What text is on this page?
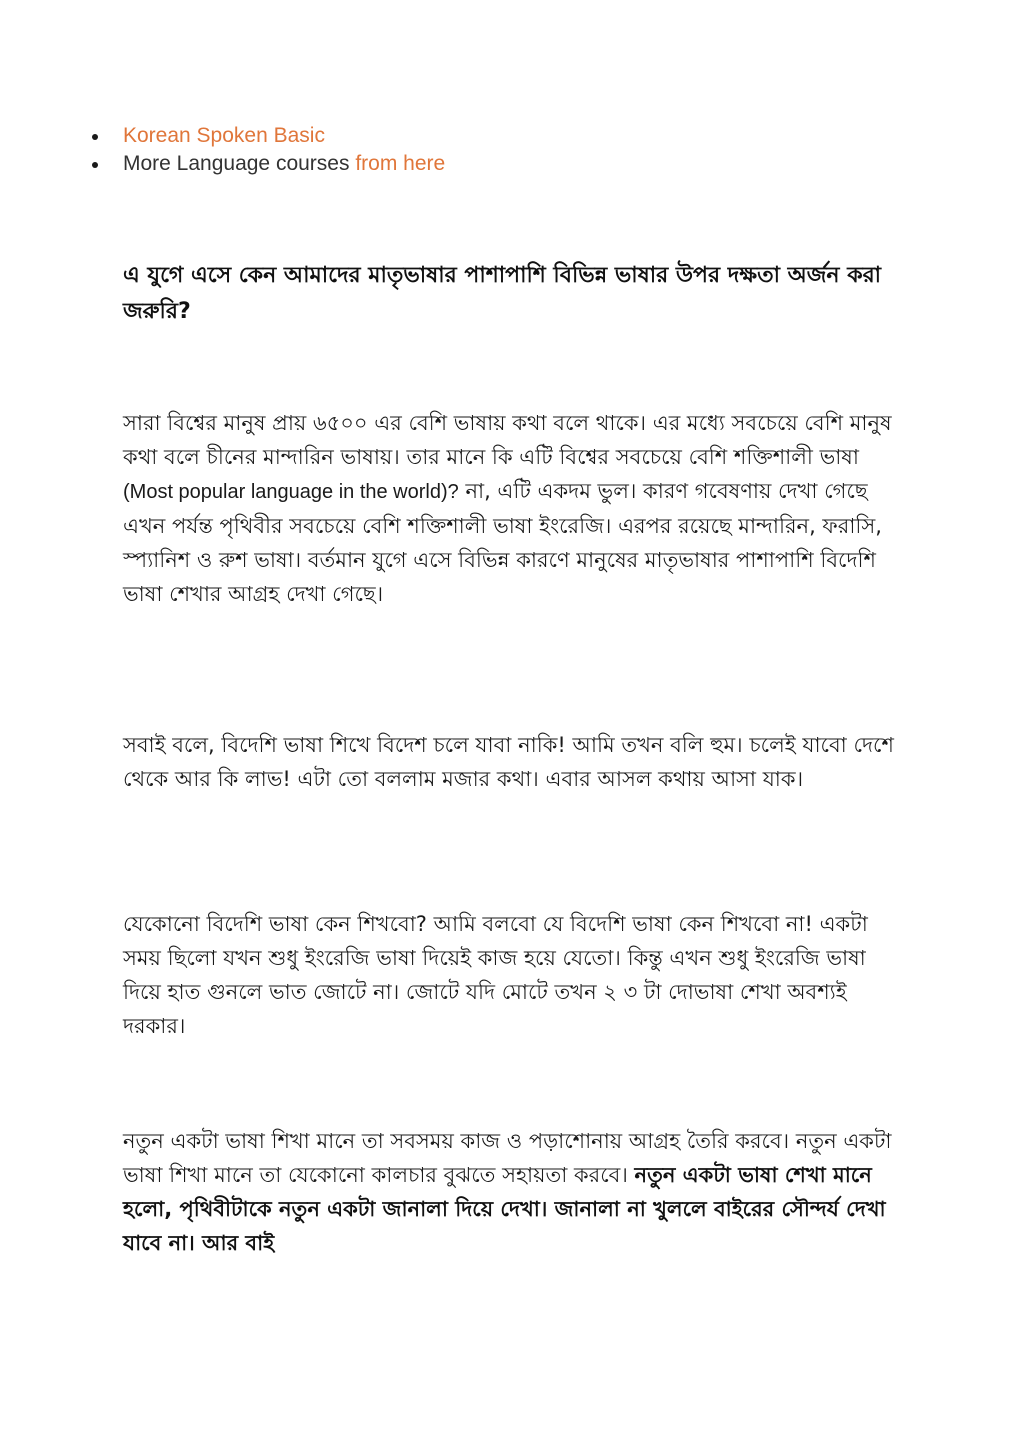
Korean Spoken Basic
More Language courses from here
এ যুগে এসে কেন আমাদের মাতৃভাষার পাশাপাশি বিভিন্ন ভাষার উপর দক্ষতা অর্জন করা জরুরি?

সারা বিশ্বের মানুষ প্রায় ৬৫০০ এর বেশি ভাষায় কথা বলে থাকে। এর মধ্যে সবচেয়ে বেশি মানুষ কথা বলে চীনের মান্দারিন ভাষায়। তার মানে কি এটি বিশ্বের সবচেয়ে বেশি শক্তিশালী ভাষা (Most popular language in the world)? না, এটি একদম ভুল। কারণ গবেষণায় দেখা গেছে এখন পর্যন্ত পৃথিবীর সবচেয়ে বেশি শক্তিশালী ভাষা ইংরেজি। এরপর রয়েছে মান্দারিন, ফরাসি, স্প্যানিশ ও রুশ ভাষা। বর্তমান যুগে এসে বিভিন্ন কারণে মানুষের মাতৃভাষার পাশাপাশি বিদেশি ভাষা শেখার আগ্রহ দেখা গেছে।

সবাই বলে, বিদেশি ভাষা শিখে বিদেশ চলে যাবা নাকি! আমি তখন বলি হুম। চলেই যাবো দেশে থেকে আর কি লাভ! এটা তো বললাম মজার কথা। এবার আসল কথায় আসা যাক।

যেকোনো বিদেশি ভাষা কেন শিখবো? আমি বলবো যে বিদেশি ভাষা কেন শিখবো না! একটা সময় ছিলো যখন শুধু ইংরেজি ভাষা দিয়েই কাজ হয়ে যেতো। কিন্তু এখন শুধু ইংরেজি ভাষা দিয়ে হাত গুনলে ভাত জোটে না। জোটে যদি মোটে তখন ২ ৩ টা দোভাষা শেখা অবশ্যই দরকার।

নতুন একটা ভাষা শিখা মানে তা সবসময় কাজ ও পড়াশোনায় আগ্রহ তৈরি করবে। নতুন একটা ভাষা শিখা মানে তা যেকোনো কালচার বুঝতে সহায়তা করবে। নতুন একটা ভাষা শেখা মানে হলো, পৃথিবীটাকে নতুন একটা জানালা দিয়ে দেখা। জানালা না খুললে বাইরের সৌন্দর্য দেখা যাবে না। আর বাই
